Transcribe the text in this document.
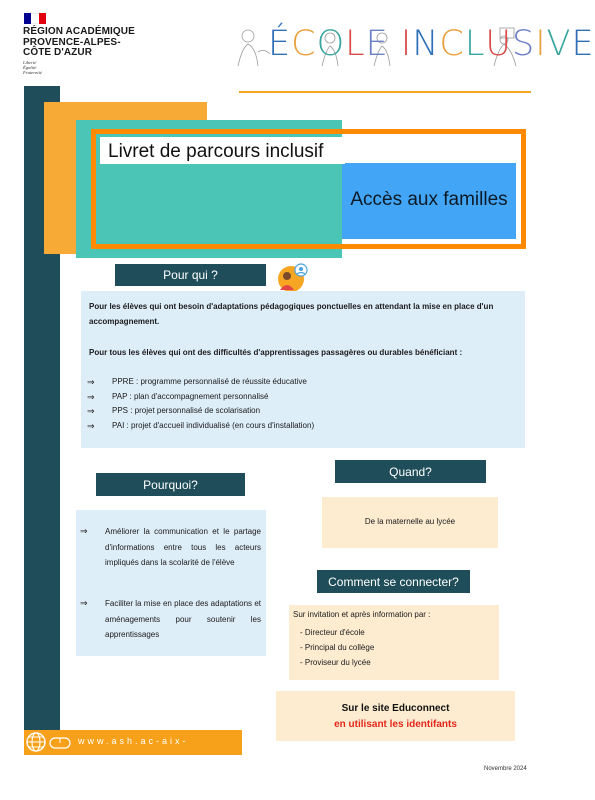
RÉGION ACADÉMIQUE
PROVENCE-ALPES-
CÔTE D'AZUR
Liberté
Égalité
Fraternité
ÉCOLE INCLUSIVE
Livret de parcours inclusif
Accès aux familles
Pour qui ?

Pour les élèves qui ont besoin d'adaptations pédagogiques ponctuelles en attendant la mise en place d'un accompagnement.

Pour tous les élèves qui ont des difficultés d'apprentissages passagères ou durables bénéficiant :

⇒	PPRE : programme personnalisé de réussite éducative
⇒	PAP : plan d'accompagnement personnalisé
⇒	PPS : projet personnalisé de scolarisation
⇒	PAI : projet d'accueil individualisé (en cours d'installation)
Pourquoi?
⇒	Améliorer la communication et le partage d'informations entre tous les acteurs impliqués dans la scolarité de l'élève
⇒	Faciliter la mise en place des adaptations et aménagements pour soutenir les apprentissages
Quand?
De la maternelle au lycée
Comment se connecter?
Sur invitation et après information par :
- Directeur d'école
- Principal du collège
- Proviseur du lycée
Sur le site Educonnect
en utilisant les identifants
www.ash.ac-aix-
Novembre 2024
